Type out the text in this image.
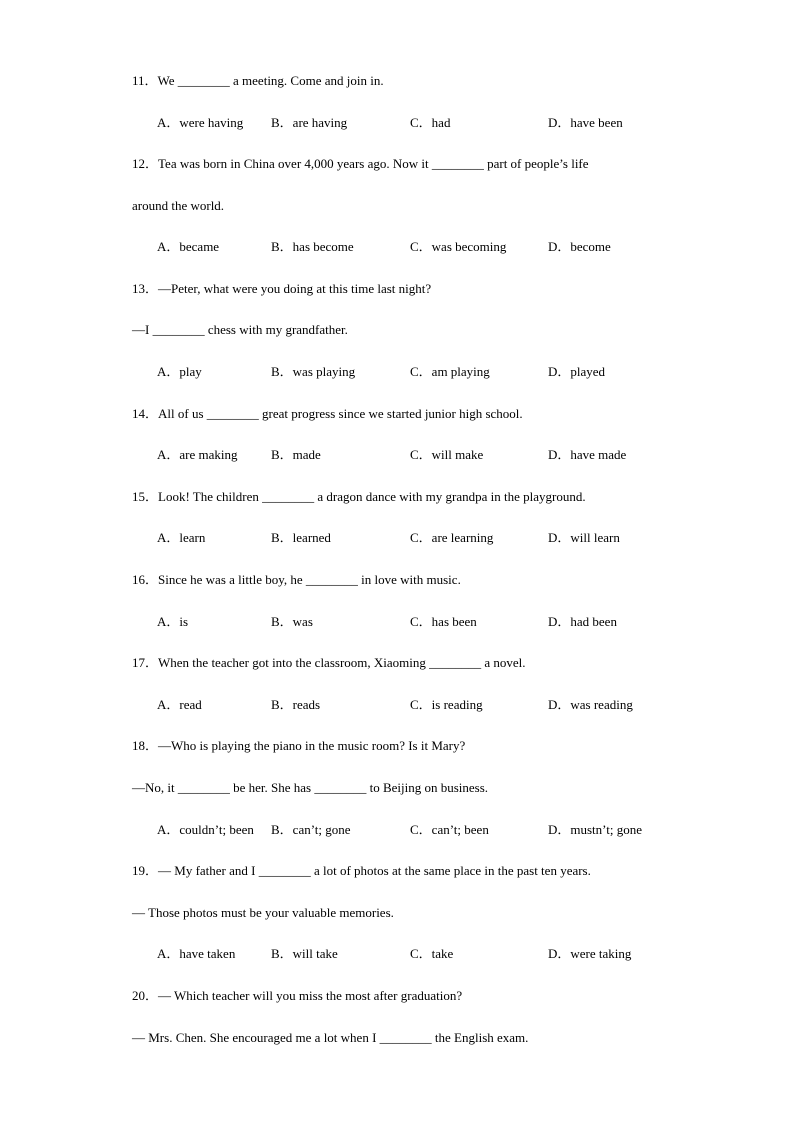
11．We ________ a meeting. Come and join in.
A．were having B．are having	C．had	D．have been
12．Tea was born in China over 4,000 years ago. Now it ________ part of people’s life
around the world.
A．became	B．has become	C．was becoming	D．become
13．—Peter, what were you doing at this time last night?
—I ________ chess with my grandfather.
A．play	B．was playing	C．am playing	D．played
14．All of us ________ great progress since we started junior high school.
A．are making	B．made	C．will make	D．have made
15．Look! The children ________ a dragon dance with my grandpa in the playground.
A．learn	B．learned	C．are learning	D．will learn
16．Since he was a little boy, he ________ in love with music.
A．is	B．was	C．has been	D．had been
17．When the teacher got into the classroom, Xiaoming ________ a novel.
A．read	B．reads	C．is reading	D．was reading
18．—Who is playing the piano in the music room? Is it Mary?
—No, it ________ be her. She has ________ to Beijing on business.
A．couldn’t; been B．can’t; gone	C．can’t; been	D．mustn’t; gone
19．— My father and I ________ a lot of photos at the same place in the past ten years.
— Those photos must be your valuable memories.
A．have taken	B．will take	C．take	D．were taking
20．— Which teacher will you miss the most after graduation?
— Mrs. Chen. She encouraged me a lot when I ________ the English exam.
